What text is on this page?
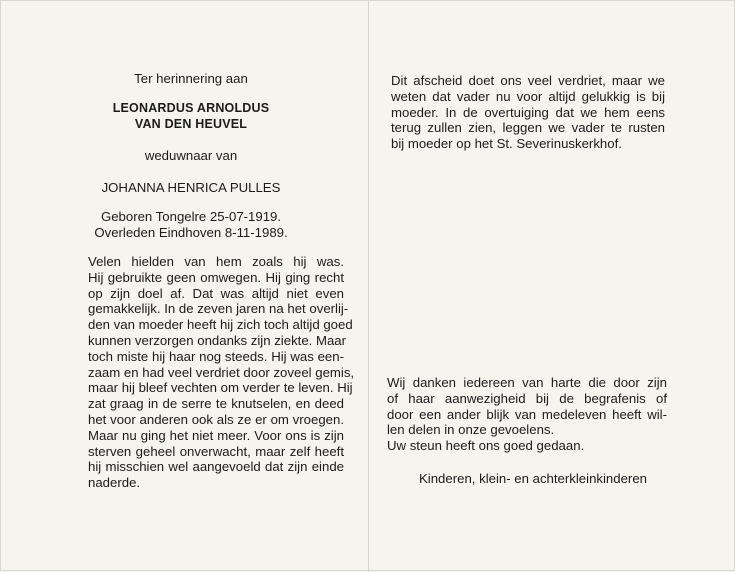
Ter herinnering aan
LEONARDUS ARNOLDUS
VAN DEN HEUVEL
weduwnaar van
JOHANNA HENRICA PULLES
Geboren Tongelre 25-07-1919.
Overleden Eindhoven 8-11-1989.
Velen hielden van hem zoals hij was.
Hij gebruikte geen omwegen. Hij ging recht
op zijn doel af. Dat was altijd niet even
gemakkelijk. In de zeven jaren na het overlij-
den van moeder heeft hij zich toch altijd goed
kunnen verzorgen ondanks zijn ziekte. Maar
toch miste hij haar nog steeds. Hij was een-
zaam en had veel verdriet door zoveel gemis,
maar hij bleef vechten om verder te leven. Hij
zat graag in de serre te knutselen, en deed
het voor anderen ook als ze er om vroegen.
Maar nu ging het niet meer. Voor ons is zijn
sterven geheel onverwacht, maar zelf heeft
hij misschien wel aangevoeld dat zijn einde
naderde.
Dit afscheid doet ons veel verdriet, maar we
weten dat vader nu voor altijd gelukkig is bij
moeder. In de overtuiging dat we hem eens
terug zullen zien, leggen we vader te rusten
bij moeder op het St. Severinuskerkhof.
Wij danken iedereen van harte die door zijn
of haar aanwezigheid bij de begrafenis of
door een ander blijk van medeleven heeft wil-
len delen in onze gevoelens.
Uw steun heeft ons goed gedaan.
Kinderen, klein- en achterkleinkinderen
